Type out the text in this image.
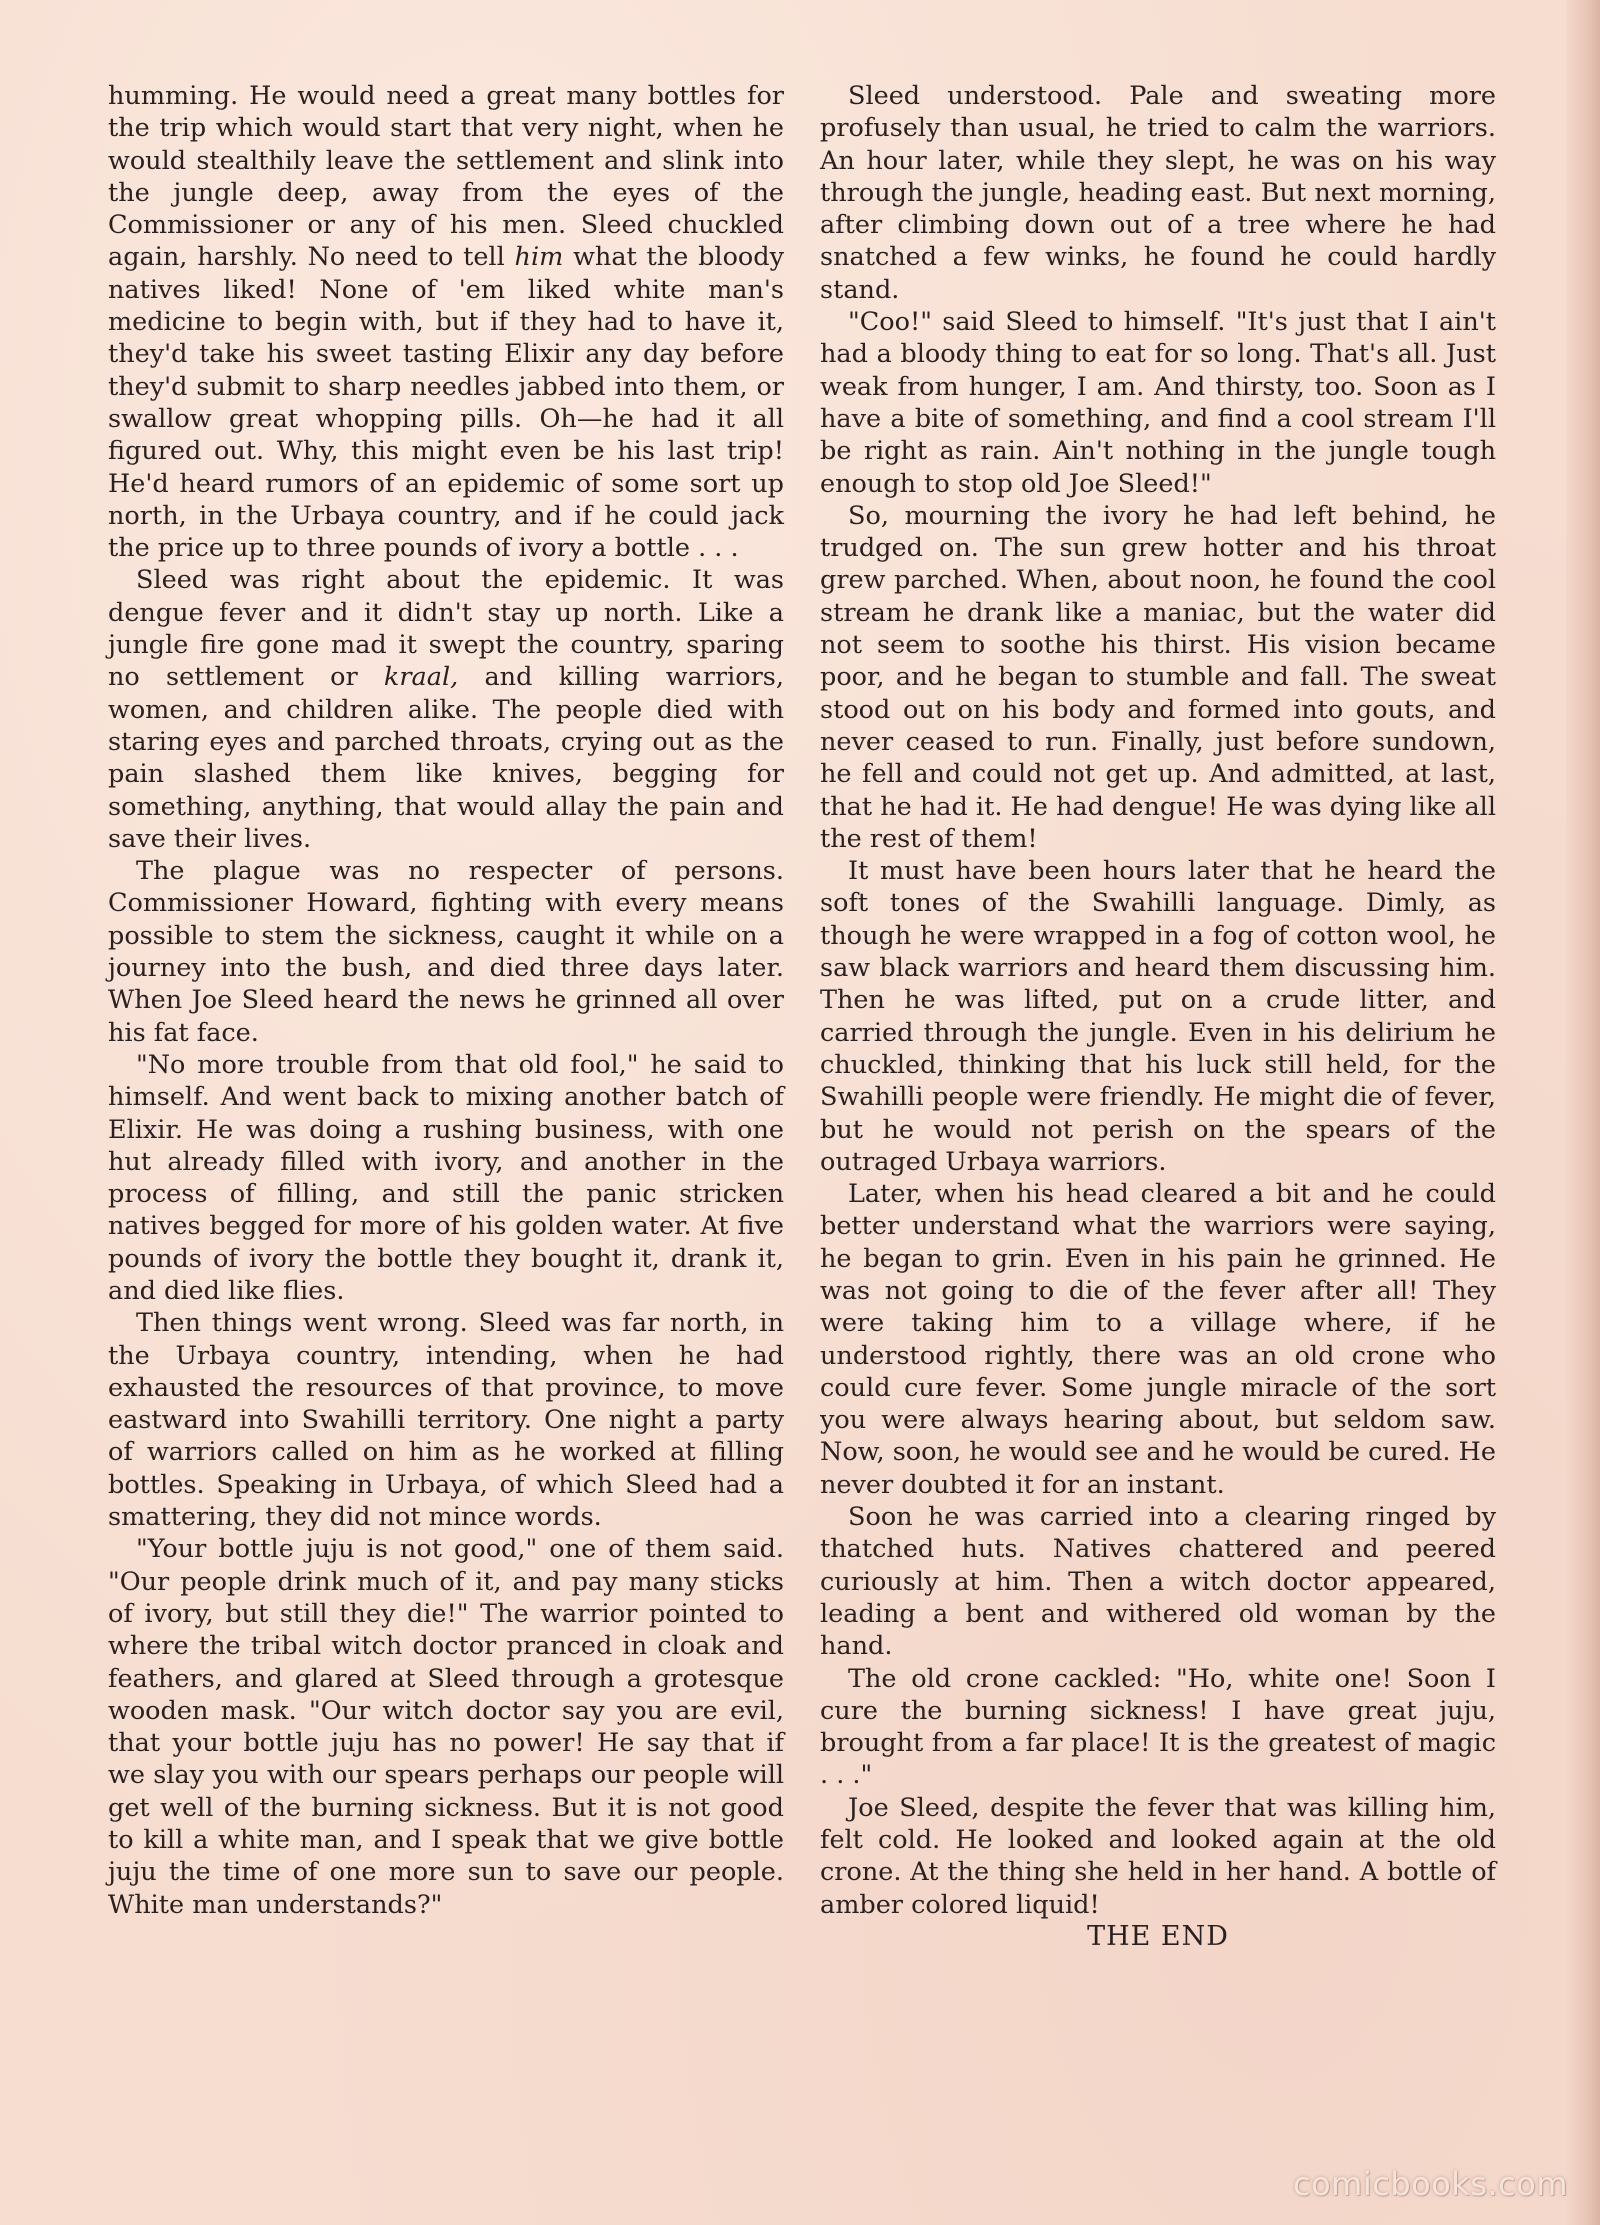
humming. He would need a great many bottles for the trip which would start that very night, when he would stealthily leave the settlement and slink into the jungle deep, away from the eyes of the Commissioner or any of his men. Sleed chuckled again, harshly. No need to tell him what the bloody natives liked! None of 'em liked white man's medicine to begin with, but if they had to have it, they'd take his sweet tasting Elixir any day before they'd submit to sharp needles jabbed into them, or swallow great whopping pills. Oh—he had it all figured out. Why, this might even be his last trip! He'd heard rumors of an epidemic of some sort up north, in the Urbaya country, and if he could jack the price up to three pounds of ivory a bottle . . .

Sleed was right about the epidemic. It was dengue fever and it didn't stay up north. Like a jungle fire gone mad it swept the country, sparing no settlement or kraal, and killing warriors, women, and children alike. The people died with staring eyes and parched throats, crying out as the pain slashed them like knives, begging for something, anything, that would allay the pain and save their lives.

The plague was no respecter of persons. Commissioner Howard, fighting with every means possible to stem the sickness, caught it while on a journey into the bush, and died three days later. When Joe Sleed heard the news he grinned all over his fat face.

"No more trouble from that old fool," he said to himself. And went back to mixing another batch of Elixir. He was doing a rushing business, with one hut already filled with ivory, and another in the process of filling, and still the panic stricken natives begged for more of his golden water. At five pounds of ivory the bottle they bought it, drank it, and died like flies.

Then things went wrong. Sleed was far north, in the Urbaya country, intending, when he had exhausted the resources of that province, to move eastward into Swahilli territory. One night a party of warriors called on him as he worked at filling bottles. Speaking in Urbaya, of which Sleed had a smattering, they did not mince words.

"Your bottle juju is not good," one of them said. "Our people drink much of it, and pay many sticks of ivory, but still they die!" The warrior pointed to where the tribal witch doctor pranced in cloak and feathers, and glared at Sleed through a grotesque wooden mask. "Our witch doctor say you are evil, that your bottle juju has no power! He say that if we slay you with our spears perhaps our people will get well of the burning sickness. But it is not good to kill a white man, and I speak that we give bottle juju the time of one more sun to save our people. White man understands?"

Sleed understood. Pale and sweating more profusely than usual, he tried to calm the warriors. An hour later, while they slept, he was on his way through the jungle, heading east. But next morning, after climbing down out of a tree where he had snatched a few winks, he found he could hardly stand.

"Coo!" said Sleed to himself. "It's just that I ain't had a bloody thing to eat for so long. That's all. Just weak from hunger, I am. And thirsty, too. Soon as I have a bite of something, and find a cool stream I'll be right as rain. Ain't nothing in the jungle tough enough to stop old Joe Sleed!"

So, mourning the ivory he had left behind, he trudged on. The sun grew hotter and his throat grew parched. When, about noon, he found the cool stream he drank like a maniac, but the water did not seem to soothe his thirst. His vision became poor, and he began to stumble and fall. The sweat stood out on his body and formed into gouts, and never ceased to run. Finally, just before sundown, he fell and could not get up. And admitted, at last, that he had it. He had dengue! He was dying like all the rest of them!

It must have been hours later that he heard the soft tones of the Swahilli language. Dimly, as though he were wrapped in a fog of cotton wool, he saw black warriors and heard them discussing him. Then he was lifted, put on a crude litter, and carried through the jungle. Even in his delirium he chuckled, thinking that his luck still held, for the Swahilli people were friendly. He might die of fever, but he would not perish on the spears of the outraged Urbaya warriors.

Later, when his head cleared a bit and he could better understand what the warriors were saying, he began to grin. Even in his pain he grinned. He was not going to die of the fever after all! They were taking him to a village where, if he understood rightly, there was an old crone who could cure fever. Some jungle miracle of the sort you were always hearing about, but seldom saw. Now, soon, he would see and he would be cured. He never doubted it for an instant.

Soon he was carried into a clearing ringed by thatched huts. Natives chattered and peered curiously at him. Then a witch doctor appeared, leading a bent and withered old woman by the hand.

The old crone cackled: "Ho, white one! Soon I cure the burning sickness! I have great juju, brought from a far place! It is the greatest of magic . . ."

Joe Sleed, despite the fever that was killing him, felt cold. He looked and looked again at the old crone. At the thing she held in her hand. A bottle of amber colored liquid!

THE END

comicbooks.com
